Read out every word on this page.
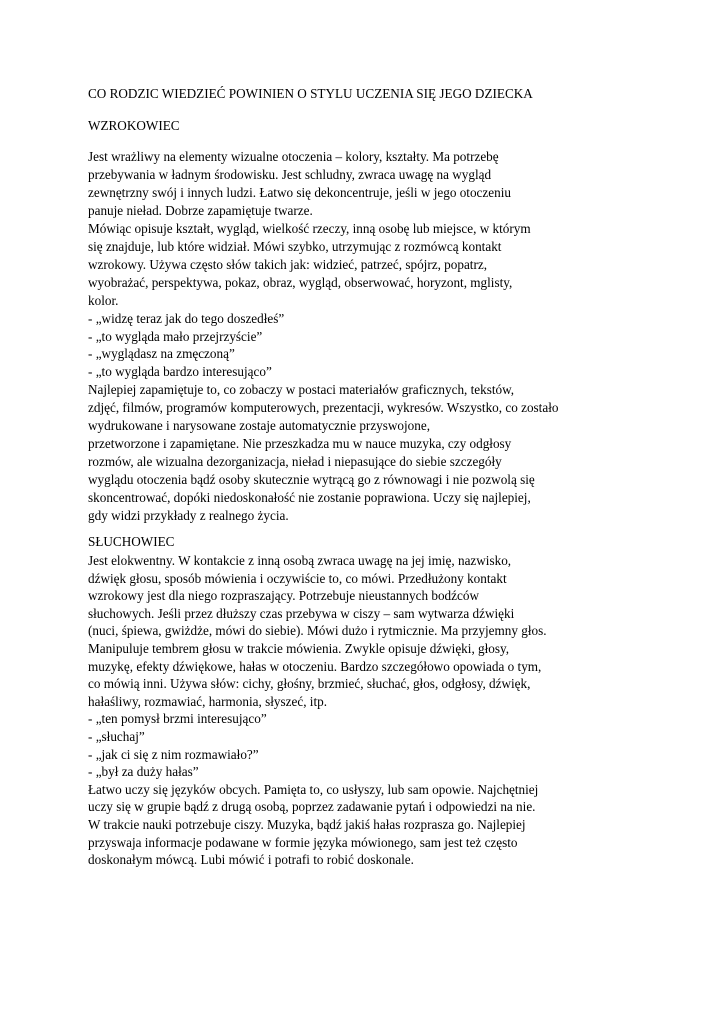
CO RODZIC WIEDZIEĆ POWINIEN O STYLU UCZENIA SIĘ JEGO DZIECKA
WZROKOWIEC
Jest wrażliwy na elementy wizualne otoczenia – kolory, kształty. Ma potrzebę
przebywania w ładnym środowisku. Jest schludny, zwraca uwagę na wygląd
zewnętrzny swój i innych ludzi. Łatwo się dekoncentruje, jeśli w jego otoczeniu
panuje nieład. Dobrze zapamiętuje twarze.
Mówiąc opisuje kształt, wygląd, wielkość rzeczy, inną osobę lub miejsce, w którym
się znajduje, lub które widział. Mówi szybko, utrzymując z rozmówcą kontakt
wzrokowy. Używa często słów takich jak: widzieć, patrzeć, spójrz, popatrz,
wyobrażać, perspektywa, pokaz, obraz, wygląd, obserwować, horyzont, mglisty,
kolor.
- „widzę teraz jak do tego doszedłeś”
- „to wygląda mało przejrzyście”
- „wyglądasz na zmęczoną”
- „to wygląda bardzo interesująco”
Najlepiej zapamiętuje to, co zobaczy w postaci materiałów graficznych, tekstów,
zdjęć, filmów, programów komputerowych, prezentacji, wykresów. Wszystko, co zostało
wydrukowane i narysowane zostaje automatycznie przyswojone,
przetworzone i zapamiętane. Nie przeszkadza mu w nauce muzyka, czy odgłosy
rozmów, ale wizualna dezorganizacja, nieład i niepasujące do siebie szczegóły
wyglądu otoczenia bądź osoby skutecznie wytrącą go z równowagi i nie pozwolą się
skoncentrować, dopóki niedoskonałość nie zostanie poprawiona. Uczy się najlepiej,
gdy widzi przykłady z realnego życia.
SŁUCHOWIEC
Jest elokwentny. W kontakcie z inną osobą zwraca uwagę na jej imię, nazwisko,
dźwięk głosu, sposób mówienia i oczywiście to, co mówi. Przedłużony kontakt
wzrokowy jest dla niego rozpraszający. Potrzebuje nieustannych bodźców
słuchowych. Jeśli przez dłuższy czas przebywa w ciszy – sam wytwarza dźwięki
(nuci, śpiewa, gwiżdże, mówi do siebie). Mówi dużo i rytmicznie. Ma przyjemny głos.
Manipuluje tembrem głosu w trakcie mówienia. Zwykle opisuje dźwięki, głosy,
muzykę, efekty dźwiękowe, hałas w otoczeniu. Bardzo szczegółowo opowiada o tym,
co mówią inni. Używa słów: cichy, głośny, brzmieć, słuchać, głos, odgłosy, dźwięk,
hałaśliwy, rozmawiać, harmonia, słyszeć, itp.
- „ten pomysł brzmi interesująco”
- „słuchaj”
- „jak ci się z nim rozmawiało?”
- „był za duży hałas”
Łatwo uczy się języków obcych. Pamięta to, co usłyszy, lub sam opowie. Najchętniej
uczy się w grupie bądź z drugą osobą, poprzez zadawanie pytań i odpowiedzi na nie.
W trakcie nauki potrzebuje ciszy. Muzyka, bądź jakiś hałas rozprasza go. Najlepiej
przyswaja informacje podawane w formie języka mówionego, sam jest też często
doskonałym mówcą. Lubi mówić i potrafi to robić doskonale.
